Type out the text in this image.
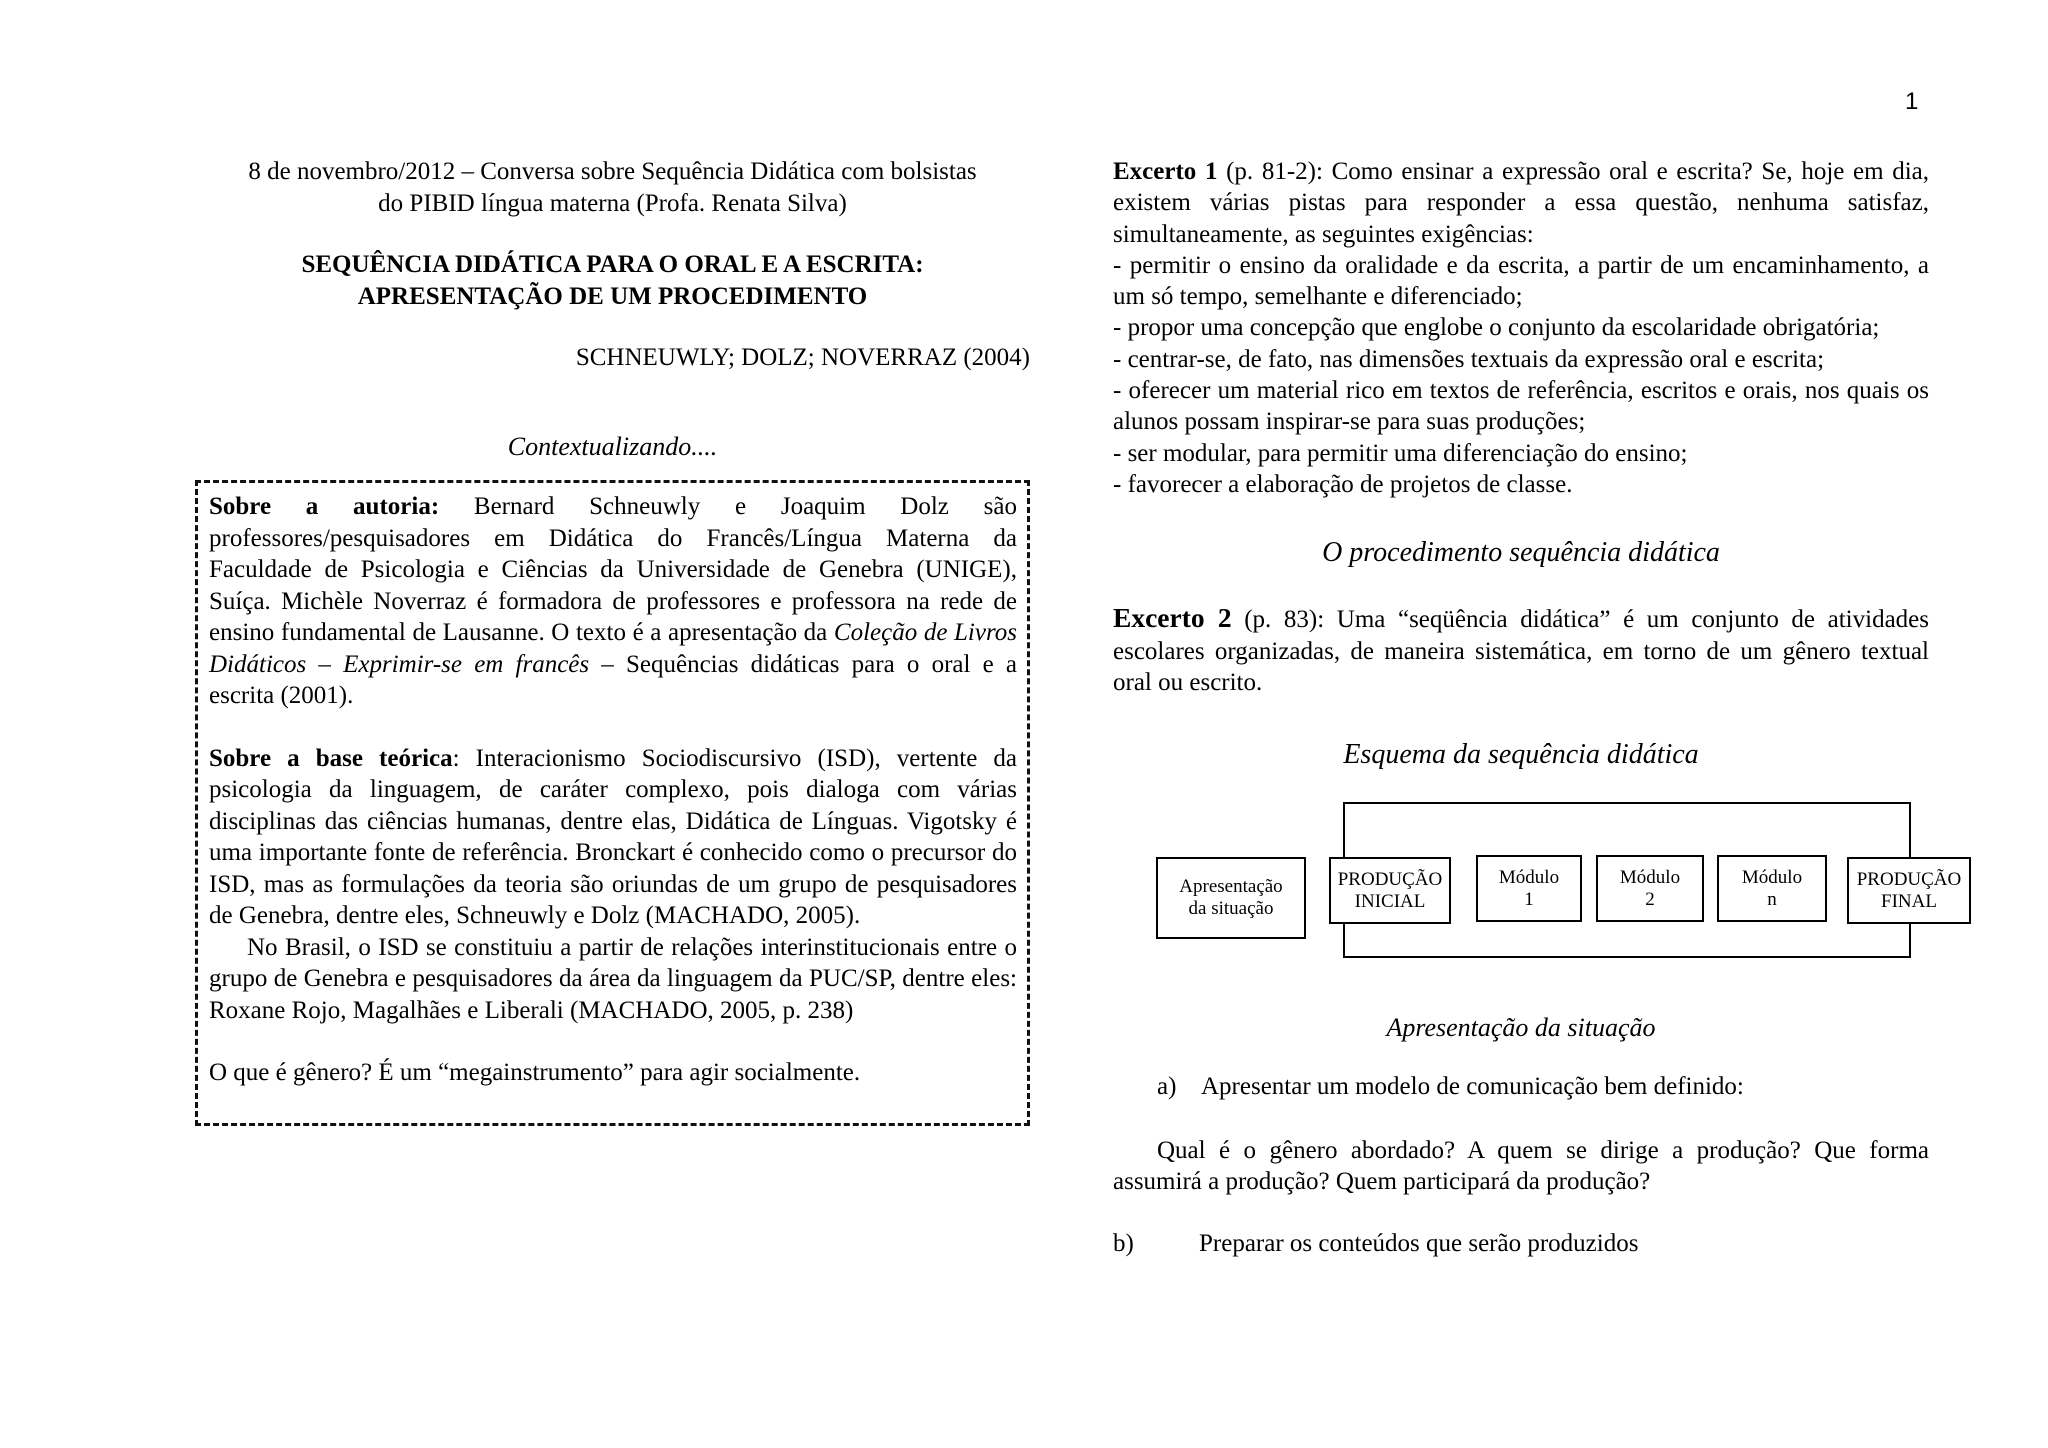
1

8 de novembro/2012 – Conversa sobre Sequência Didática com bolsistas

do PIBID língua materna (Profa. Renata Silva)

SEQUÊNCIA DIDÁTICA PARA O ORAL E A ESCRITA:

APRESENTAÇÃO DE UM PROCEDIMENTO

SCHNEUWLY; DOLZ; NOVERRAZ (2004)

Contextualizando....

Sobre a autoria: Bernard Schneuwly e Joaquim Dolz são professores/pesquisadores em Didática do Francês/Língua Materna da Faculdade de Psicologia e Ciências da Universidade de Genebra (UNIGE), Suíça. Michèle Noverraz é formadora de professores e professora na rede de ensino fundamental de Lausanne. O texto é a apresentação da Coleção de Livros Didáticos – Exprimir-se em francês – Sequências didáticas para o oral e a escrita (2001).

Sobre a base teórica: Interacionismo Sociodiscursivo (ISD), vertente da psicologia da linguagem, de caráter complexo, pois dialoga com várias disciplinas das ciências humanas, dentre elas, Didática de Línguas. Vigotsky é uma importante fonte de referência. Bronckart é conhecido como o precursor do ISD, mas as formulações da teoria são oriundas de um grupo de pesquisadores de Genebra, dentre eles, Schneuwly e Dolz (MACHADO, 2005).

No Brasil, o ISD se constituiu a partir de relações interinstitucionais entre o grupo de Genebra e pesquisadores da área da linguagem da PUC/SP, dentre eles: Roxane Rojo, Magalhães e Liberali (MACHADO, 2005, p. 238)

O que é gênero? É um “megainstrumento” para agir socialmente.

Excerto 1 (p. 81-2): Como ensinar a expressão oral e escrita? Se, hoje em dia, existem várias pistas para responder a essa questão, nenhuma satisfaz, simultaneamente, as seguintes exigências:

- permitir o ensino da oralidade e da escrita, a partir de um encaminhamento, a um só tempo, semelhante e diferenciado;

- propor uma concepção que englobe o conjunto da escolaridade obrigatória;

- centrar-se, de fato, nas dimensões textuais da expressão oral e escrita;

- oferecer um material rico em textos de referência, escritos e orais, nos quais os alunos possam inspirar-se para suas produções;

- ser modular, para permitir uma diferenciação do ensino;

- favorecer a elaboração de projetos de classe.

O procedimento sequência didática

Excerto 2 (p. 83): Uma “seqüência didática” é um conjunto de atividades escolares organizadas, de maneira sistemática, em torno de um gênero textual oral ou escrito.

Esquema da sequência didática

Apresentação
da situação
PRODUÇÃO
INICIAL
Módulo
1
Módulo
2
Módulo
n
PRODUÇÃO
FINAL

Apresentação da situação

a) Apresentar um modelo de comunicação bem definido:

Qual é o gênero abordado? A quem se dirige a produção? Que forma assumirá a produção? Quem participará da produção?

b)	Preparar os conteúdos que serão produzidos
